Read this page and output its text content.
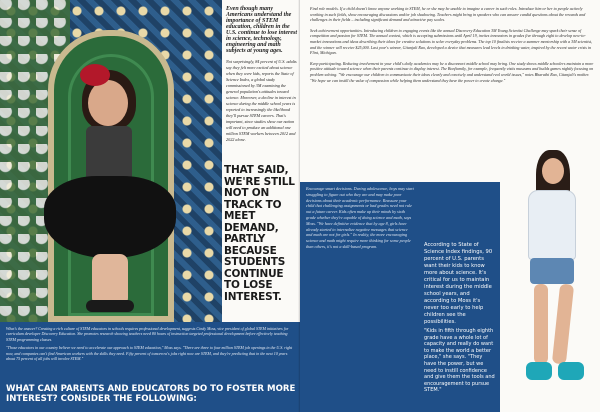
Even though many Americans understand the importance of STEM education, children in the U.S. continue to lose interest in science, technology, engineering and math subjects at young ages.

Not surprisingly, 84 percent of U.S. adults say they felt more excited about science when they were kids, reports the State of Science Index, a global study commissioned by 3M examining the general population's attitudes toward science. Moreover, a decline in interest in science during the middle school years is reported to increasingly the likelihood they'll pursue STEM careers. That's important, since studies show our nation will need to produce an additional one million STEM workers between 2012 and 2022 alone.

THAT SAID, WE'RE STILL NOT ON TRACK TO MEET DEMAND, PARTLY BECAUSE STUDENTS CONTINUE TO LOSE INTEREST.

What's the answer? Creating a rich culture of STEM educators in schools requires professional development, suggests Cindy Moss, vice president of global STEM initiatives for curriculum developer Discovery Education. She promotes research showing teachers need 80 hours of instruction targeted professional development before effectively teaching STEM programming classes.

"Those educators in our country believe we need to accelerate our approach to STEM education," Moss says. "There are three to four million STEM job openings in the U.S. right now, and companies can't find American workers with the skills they need. Fifty percent of tomorrow's jobs right now are STEM, and they're predicting that in the next 10 years about 75 percent of all jobs will involve STEM."

WHAT CAN PARENTS AND EDUCATORS DO TO FOSTER MORE INTEREST? CONSIDER THE FOLLOWING:

Find role models. If a child doesn't know anyone working in STEM, he or she may be unable to imagine a career in such roles. Introduce him or her to people actively working in such fields, show encouraging discussions and/or job shadowing. Teachers might bring in speakers who can answer candid questions about the rewards and challenges in their fields – including significant demand and attractive pay scales.

Seek achievement opportunities. Introducing children to engaging events like the annual Discovery Education 3M Young Scientist Challenge may spark their sense of competition and passion for STEM. The annual contest, which is accepting submissions until April 19, invites innovators in grades five through eight to develop new-to-market innovations and ideas describing their ideas for creative solutions to solve everyday problems. The top 10 finalists receive a summer mentorship with a 3M scientist, and the winner will receive $25,000. Last year's winner, Gitanjali Rao, developed a device that measures lead levels in drinking water, inspired by the recent water crisis in Flint, Michigan.

Keep participating. Reducing involvement in your child's daily academics may be a disconnect middle school may bring. One study shows middle schoolers maintain a more positive attitude toward science when their parents continue to display interest. The Bonfiamily, for example, frequently visits museums and builds games nightly focusing on problem solving. "We encourage our children to communicate their ideas clearly and concisely and understand real world issues," notes Bharathi Rao, Gitanjali's mother. "We hope we can instill the value of compassion while helping them understand they have the power to create change."

Encourage smart decisions. During adolescence, boys may start struggling to figure out who they are and may make poor decisions about their academic performance. Reassure your child that challenging assignments or bad grades need not rule out a future career. Kids often make up their minds by sixth grade whether they're capable of doing science and math, says Moss. "We have definitive evidence that by age 8, girls have already started to internalize negative messages that science and math are not for girls." In reality, the more encouraging science and math might require more thinking for some people than others, it's not a skill-based program.	According to State of Science Index findings, 90 percent of U.S. parents want their kids to know more about science. It's critical for us to maintain interest during the middle school years, and according to Moss it's never too early to help children see the possibilities.
"Kids in fifth through eighth grade have a whole lot of capacity and really do want to make the world a better place," she says. "They have the power, but we need to instill confidence and give them the tools and encouragement to pursue STEM."
